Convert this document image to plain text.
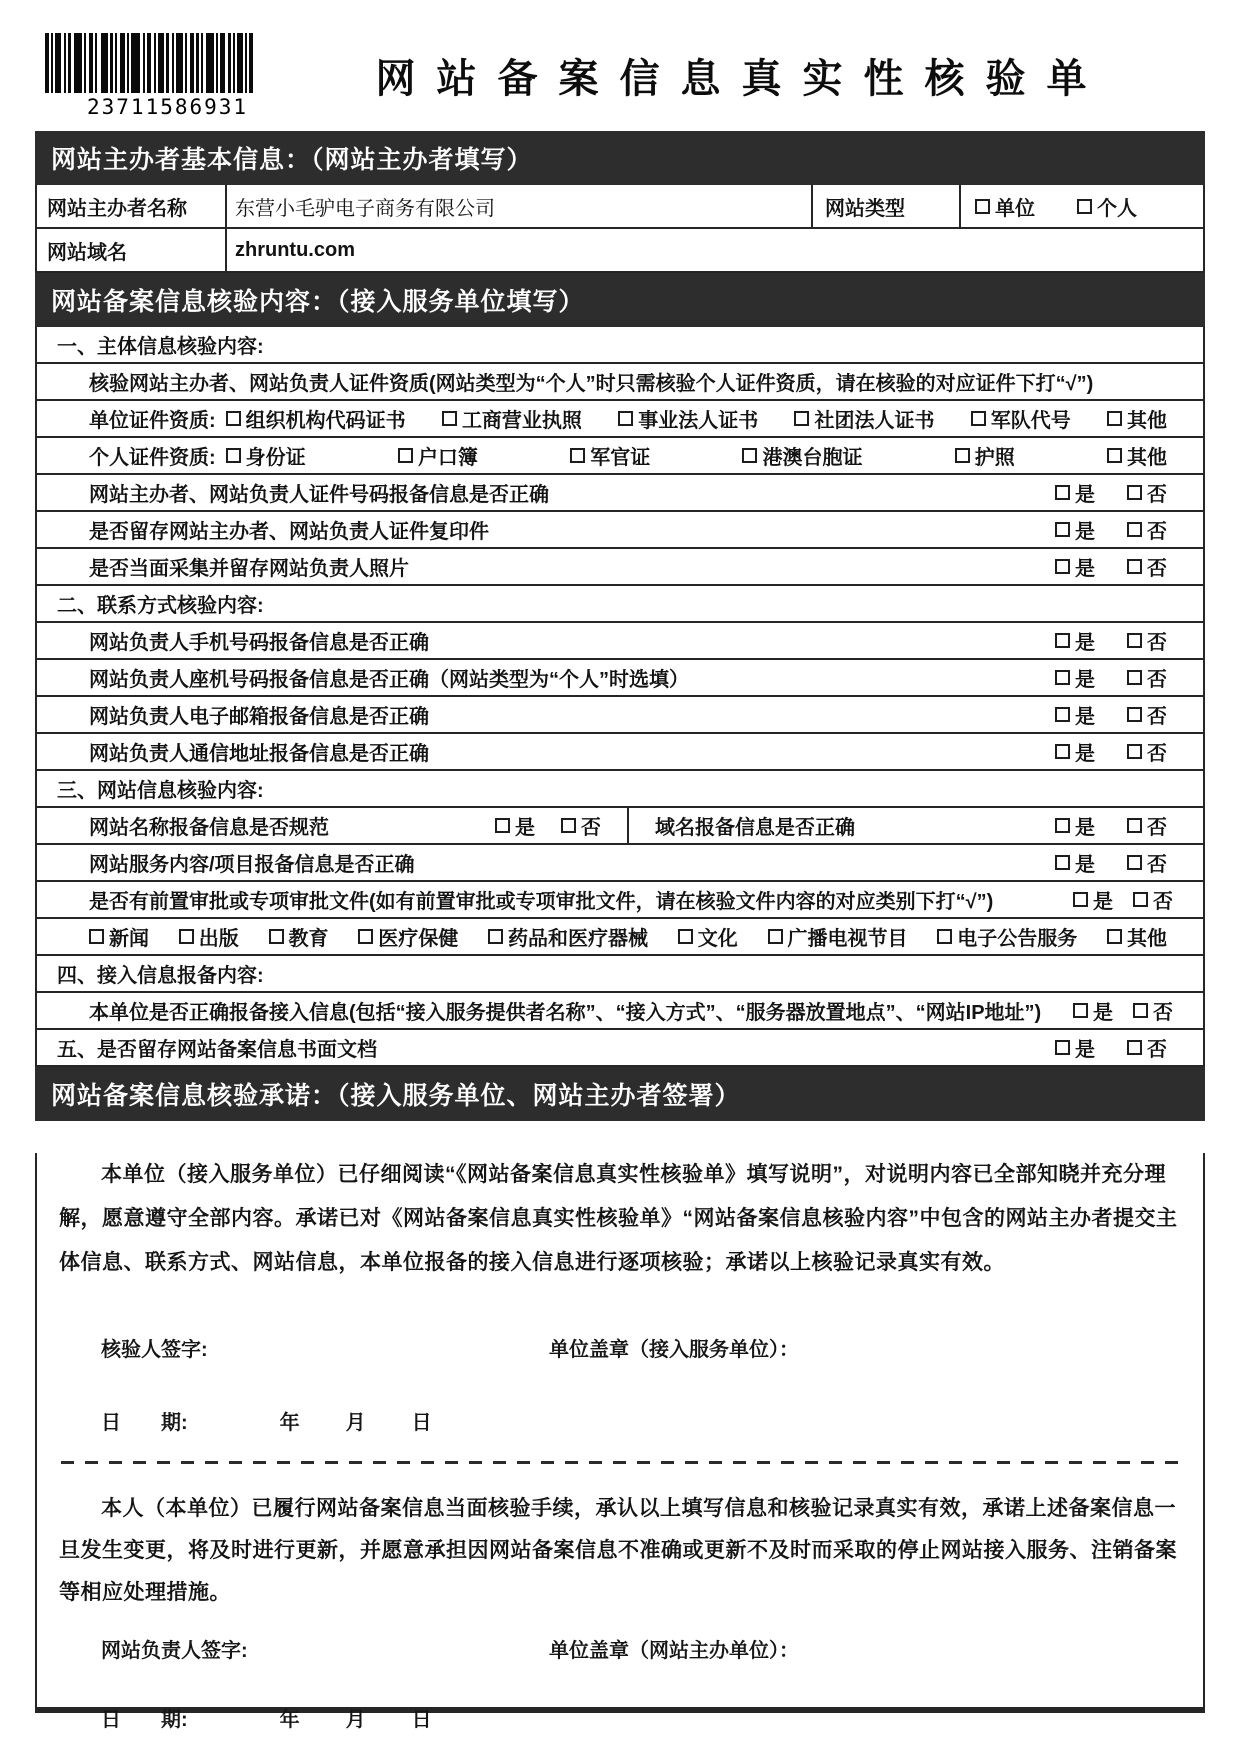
23711586931
网站备案信息真实性核验单
网站主办者基本信息：（网站主办者填写）
网站主办者名称	东营小毛驴电子商务有限公司	网站类型	单位	个人
网站域名	zhruntu.com
网站备案信息核验内容：（接入服务单位填写）
一、主体信息核验内容:
核验网站主办者、网站负责人证件资质(网站类型为“个人”时只需核验个人证件资质，请在核验的对应证件下打“√”)
单位证件资质: 组织机构代码证书	工商营业执照	事业法人证书	社团法人证书	军队代号	其他
个人证件资质: 身份证	户口簿	军官证	港澳台胞证	护照	其他
网站主办者、网站负责人证件号码报备信息是否正确	是	否
是否留存网站主办者、网站负责人证件复印件	是	否
是否当面采集并留存网站负责人照片	是	否
二、联系方式核验内容:
网站负责人手机号码报备信息是否正确	是	否
网站负责人座机号码报备信息是否正确（网站类型为“个人”时选填）	是	否
网站负责人电子邮箱报备信息是否正确	是	否
网站负责人通信地址报备信息是否正确	是	否
三、网站信息核验内容:
网站名称报备信息是否规范	是 否	域名报备信息是否正确	是	否
网站服务内容/项目报备信息是否正确	是	否
是否有前置审批或专项审批文件(如有前置审批或专项审批文件，请在核验文件内容的对应类别下打“√”)	是 否
新闻 出版 教育 医疗保健 药品和医疗器械 文化 广播电视节目 电子公告服务 其他
四、接入信息报备内容:
本单位是否正确报备接入信息(包括“接入服务提供者名称”、“接入方式”、“服务器放置地点”、“网站IP地址”)	是 否
五、是否留存网站备案信息书面文档	是	否
网站备案信息核验承诺：（接入服务单位、网站主办者签署）
本单位（接入服务单位）已仔细阅读“《网站备案信息真实性核验单》填写说明”，对说明内容已全部知晓并充分理解，愿意遵守全部内容。承诺已对《网站备案信息真实性核验单》“网站备案信息核验内容”中包含的网站主办者提交主体信息、联系方式、网站信息，本单位报备的接入信息进行逐项核验；承诺以上核验记录真实有效。
核验人签字:	单位盖章（接入服务单位）：
日　　期:	年 月 日
本人（本单位）已履行网站备案信息当面核验手续，承认以上填写信息和核验记录真实有效，承诺上述备案信息一旦发生变更，将及时进行更新，并愿意承担因网站备案信息不准确或更新不及时而采取的停止网站接入服务、注销备案等相应处理措施。
网站负责人签字:	单位盖章（网站主办单位）：
日　　期:	年 月 日
